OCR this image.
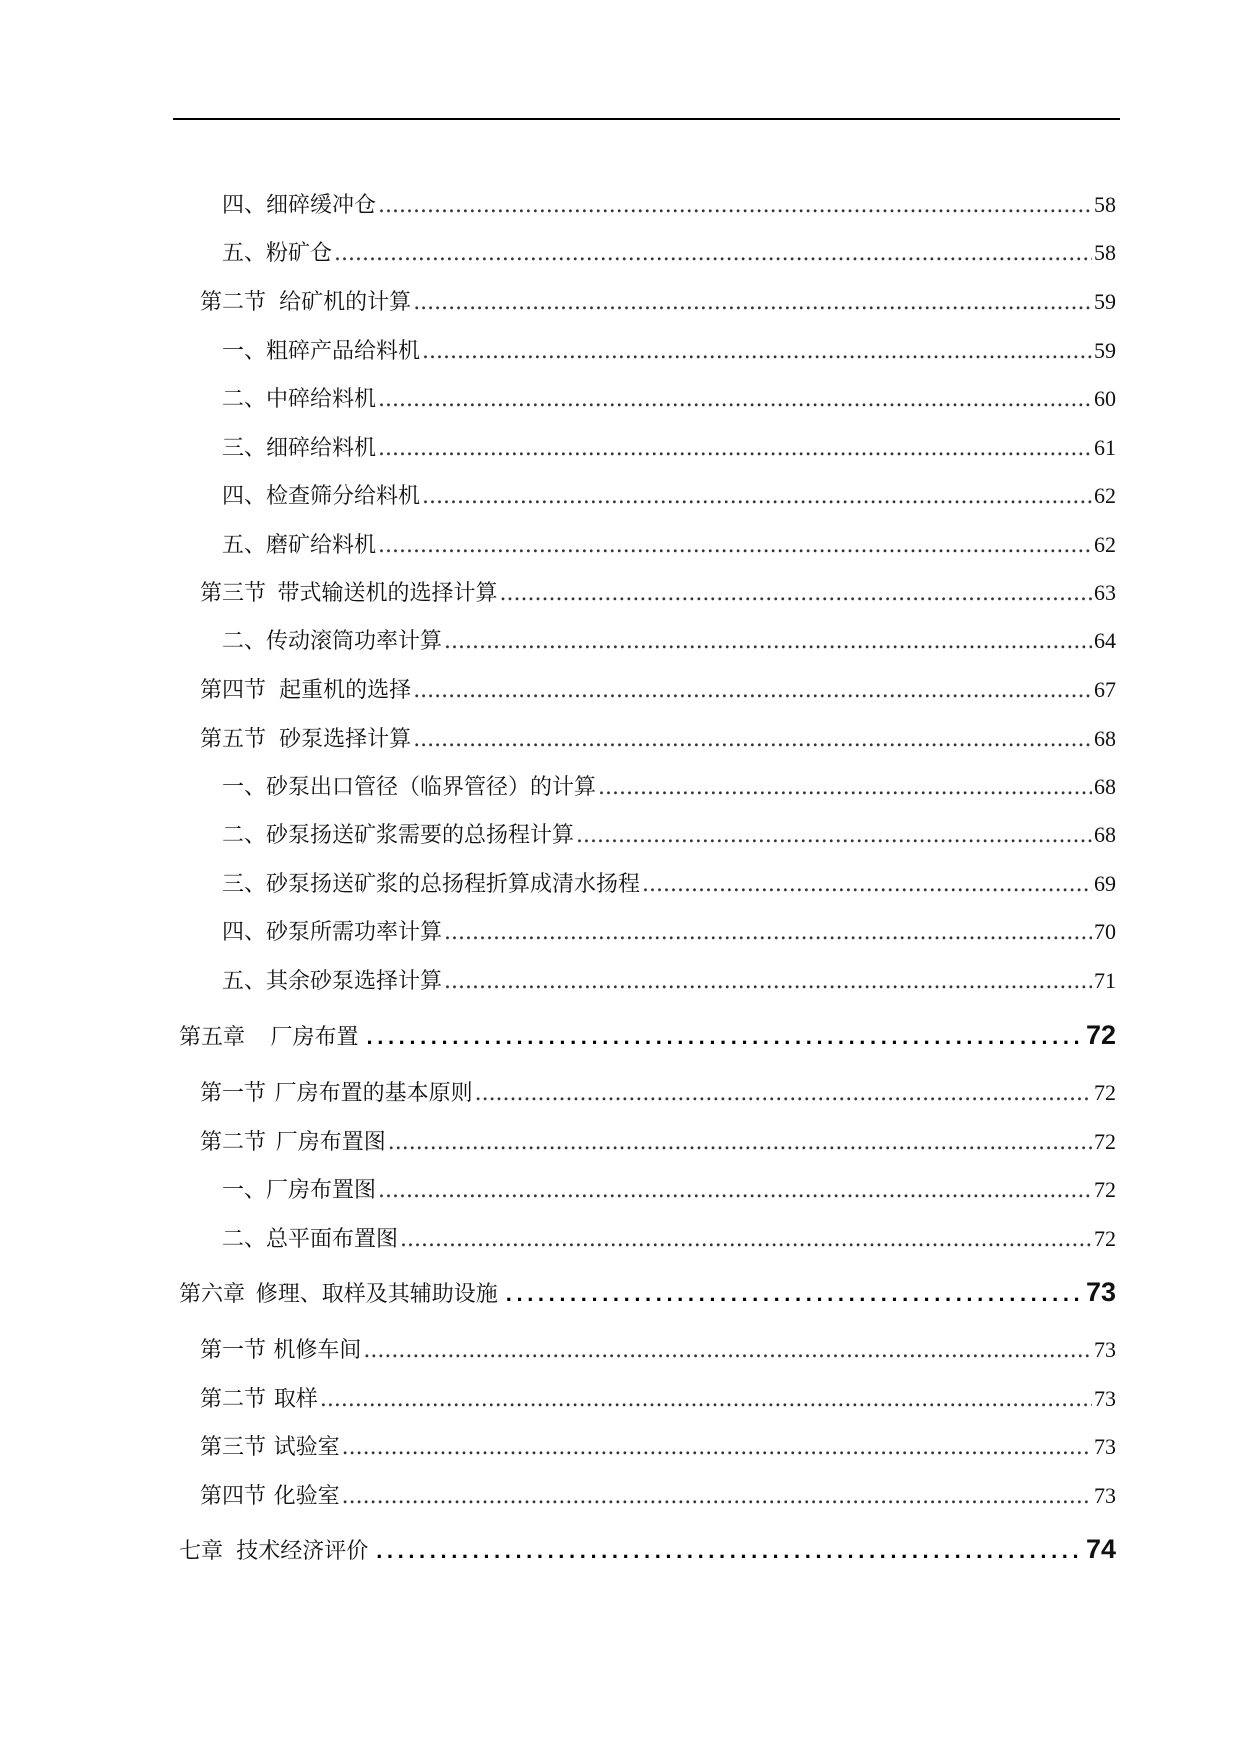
四、细碎缓冲仓 .....	58
五、粉矿仓 .....	58
第二节 给矿机的计算 .....	59
一、粗碎产品给料机 .....	59
二、中碎给料机 .....	60
三、细碎给料机 .....	61
四、检查筛分给料机 .....	62
五、磨矿给料机 .....	62
第三节 带式输送机的选择计算 .....	63
二、传动滚筒功率计算 .....	64
第四节 起重机的选择 .....	67
第五节 砂泵选择计算 .....	68
一、砂泵出口管径（临界管径）的计算 .....	68
二、砂泵扬送矿浆需要的总扬程计算 .....	68
三、砂泵扬送矿浆的总扬程折算成清水扬程 .....	69
四、砂泵所需功率计算 .....	70
五、其余砂泵选择计算 .....	71
第五章 厂房布置 .....	72
第一节 厂房布置的基本原则 .....	72
第二节 厂房布置图 .....	72
一、厂房布置图 .....	72
二、总平面布置图 .....	72
第六章 修理、取样及其辅助设施 .....	73
第一节 机修车间 .....	73
第二节 取样 .....	73
第三节 试验室 .....	73
第四节 化验室 .....	73
七章 技术经济评价 .....	74
